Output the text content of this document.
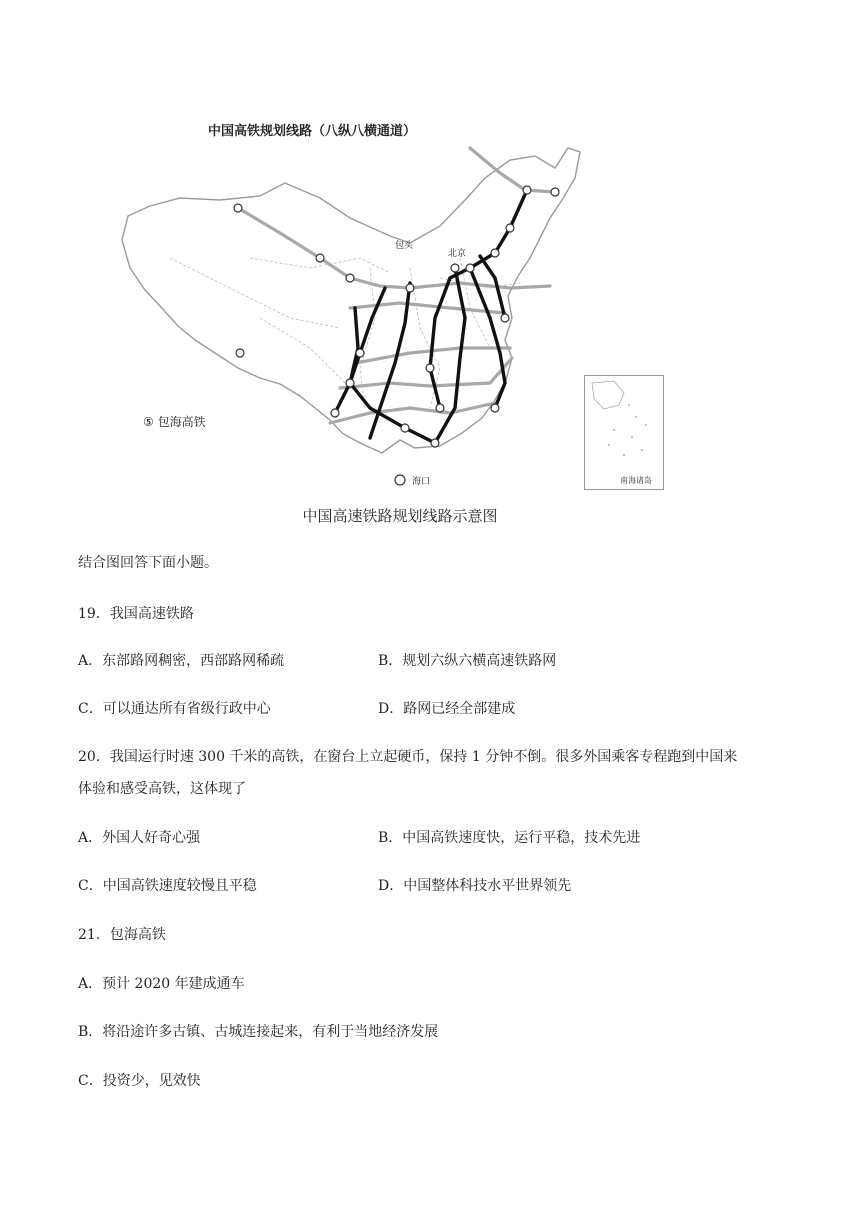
中国高铁规划线路（八纵八横通道）
包头
北京
海口
⑤ 包海高铁
南海诸岛
中国高速铁路规划线路示意图
结合图回答下面小题。
19．我国高速铁路
A．东部路网稠密，西部路网稀疏	B．规划六纵六横高速铁路网
C．可以通达所有省级行政中心	D．路网已经全部建成
20．我国运行时速 300 千米的高铁，在窗台上立起硬币，保持 1 分钟不倒。很多外国乘客专程跑到中国来
体验和感受高铁，这体现了
A．外国人好奇心强	B．中国高铁速度快，运行平稳，技术先进
C．中国高铁速度较慢且平稳	D．中国整体科技水平世界领先
21．包海高铁
A．预计 2020 年建成通车
B．将沿途许多古镇、古城连接起来，有利于当地经济发展
C．投资少，见效快
